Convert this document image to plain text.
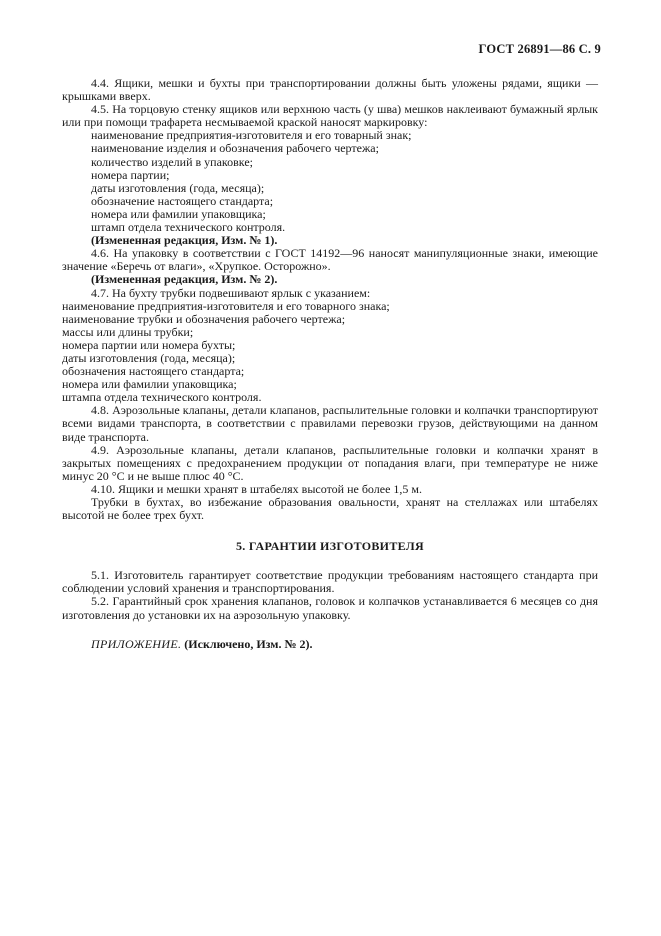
ГОСТ 26891—86 С. 9

4.4. Ящики, мешки и бухты при транспортировании должны быть уложены рядами, ящики — крышками вверх.

4.5. На торцовую стенку ящиков или верхнюю часть (у шва) мешков наклеивают бумажный ярлык или при помощи трафарета несмываемой краской наносят маркировку:

наименование предприятия-изготовителя и его товарный знак;

наименование изделия и обозначения рабочего чертежа;

количество изделий в упаковке;

номера партии;

даты изготовления (года, месяца);

обозначение настоящего стандарта;

номера или фамилии упаковщика;

штамп отдела технического контроля.

(Измененная редакция, Изм. № 1).

4.6. На упаковку в соответствии с ГОСТ 14192—96 наносят манипуляционные знаки, имеющие значение «Беречь от влаги», «Хрупкое. Осторожно».

(Измененная редакция, Изм. № 2).

4.7. На бухту трубки подвешивают ярлык с указанием:

наименование предприятия-изготовителя и его товарного знака;

наименование трубки и обозначения рабочего чертежа;

массы или длины трубки;

номера партии или номера бухты;

даты изготовления (года, месяца);

обозначения настоящего стандарта;

номера или фамилии упаковщика;

штампа отдела технического контроля.

4.8. Аэрозольные клапаны, детали клапанов, распылительные головки и колпачки транспортируют всеми видами транспорта, в соответствии с правилами перевозки грузов, действующими на данном виде транспорта.

4.9. Аэрозольные клапаны, детали клапанов, распылительные головки и колпачки хранят в закрытых помещениях с предохранением продукции от попадания влаги, при температуре не ниже минус 20 °С и не выше плюс 40 °С.

4.10. Ящики и мешки хранят в штабелях высотой не более 1,5 м.

Трубки в бухтах, во избежание образования овальности, хранят на стеллажах или штабелях высотой не более трех бухт.

5. ГАРАНТИИ ИЗГОТОВИТЕЛЯ

5.1. Изготовитель гарантирует соответствие продукции требованиям настоящего стандарта при соблюдении условий хранения и транспортирования.

5.2. Гарантийный срок хранения клапанов, головок и колпачков устанавливается 6 месяцев со дня изготовления до установки их на аэрозольную упаковку.

ПРИЛОЖЕНИЕ. (Исключено, Изм. № 2).
